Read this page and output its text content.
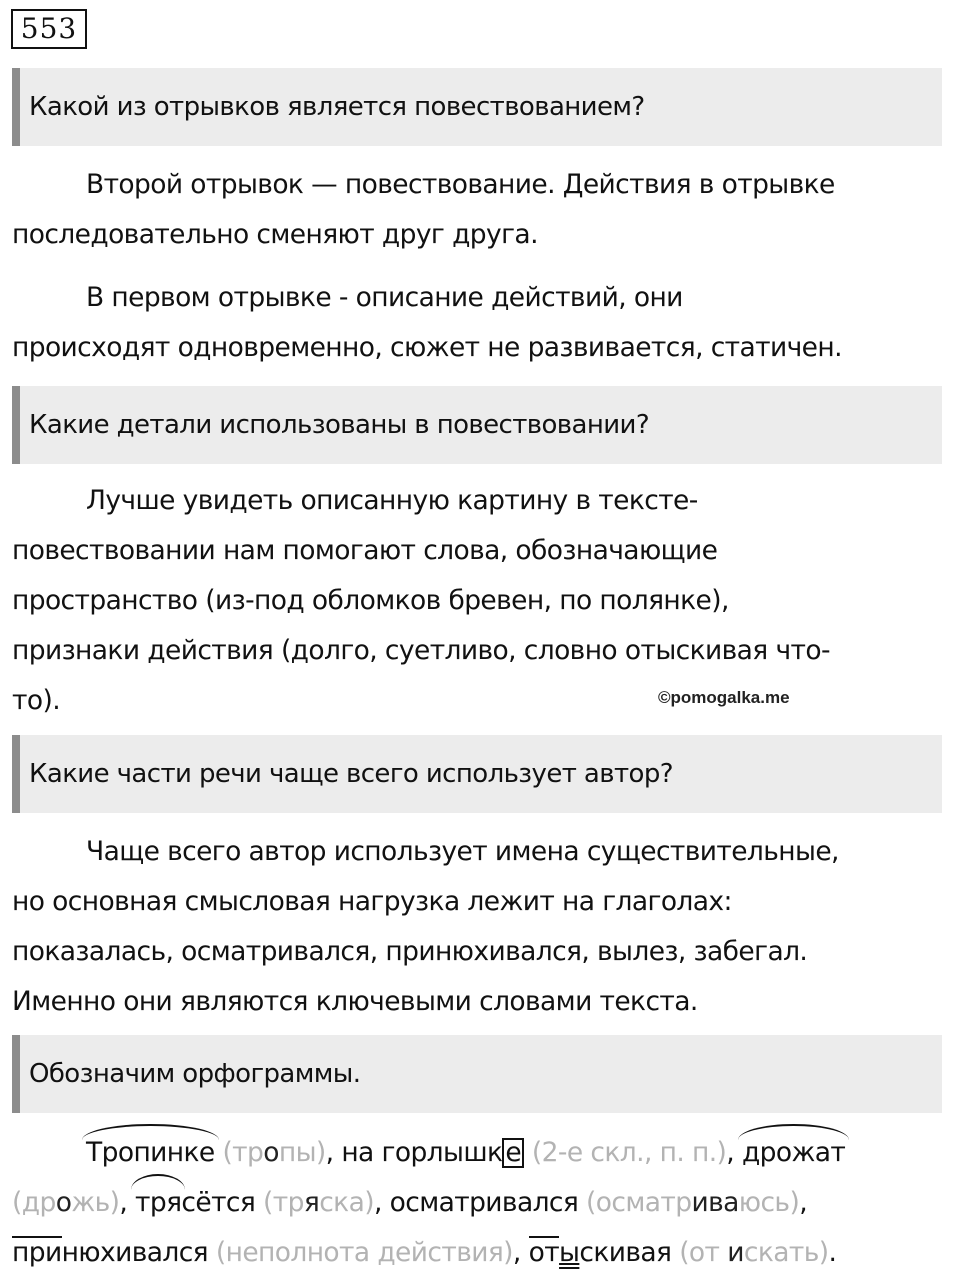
553
Какой из отрывков является повествованием?
Второй отрывок — повествование. Действия в отрывке
последовательно сменяют друг друга.
В первом отрывке - описание действий, они
происходят одновременно, сюжет не развивается, статичен.
Какие детали использованы в повествовании?
Лучше увидеть описанную картину в тексте-
повествовании нам помогают слова, обозначающие
пространство (из-под обломков бревен, по полянке),
признаки действия (долго, суетливо, словно отыскивая что-
то).	©pomogalka.me
Какие части речи чаще всего использует автор?
Чаще всего автор использует имена существительные,
но основная смысловая нагрузка лежит на глаголах:
показалась, осматривался, принюхивался, вылез, забегал.
Именно они являются ключевыми словами текста.
Обозначим орфограммы.
Тропинке (тропы), на горлышк е (2-е скл., п. п.), дрожат
(дрожь), трясётся (тряска), осматривался (осматриваюсь),
принюхивался (неполнота действия), отыскивая (от искать).
